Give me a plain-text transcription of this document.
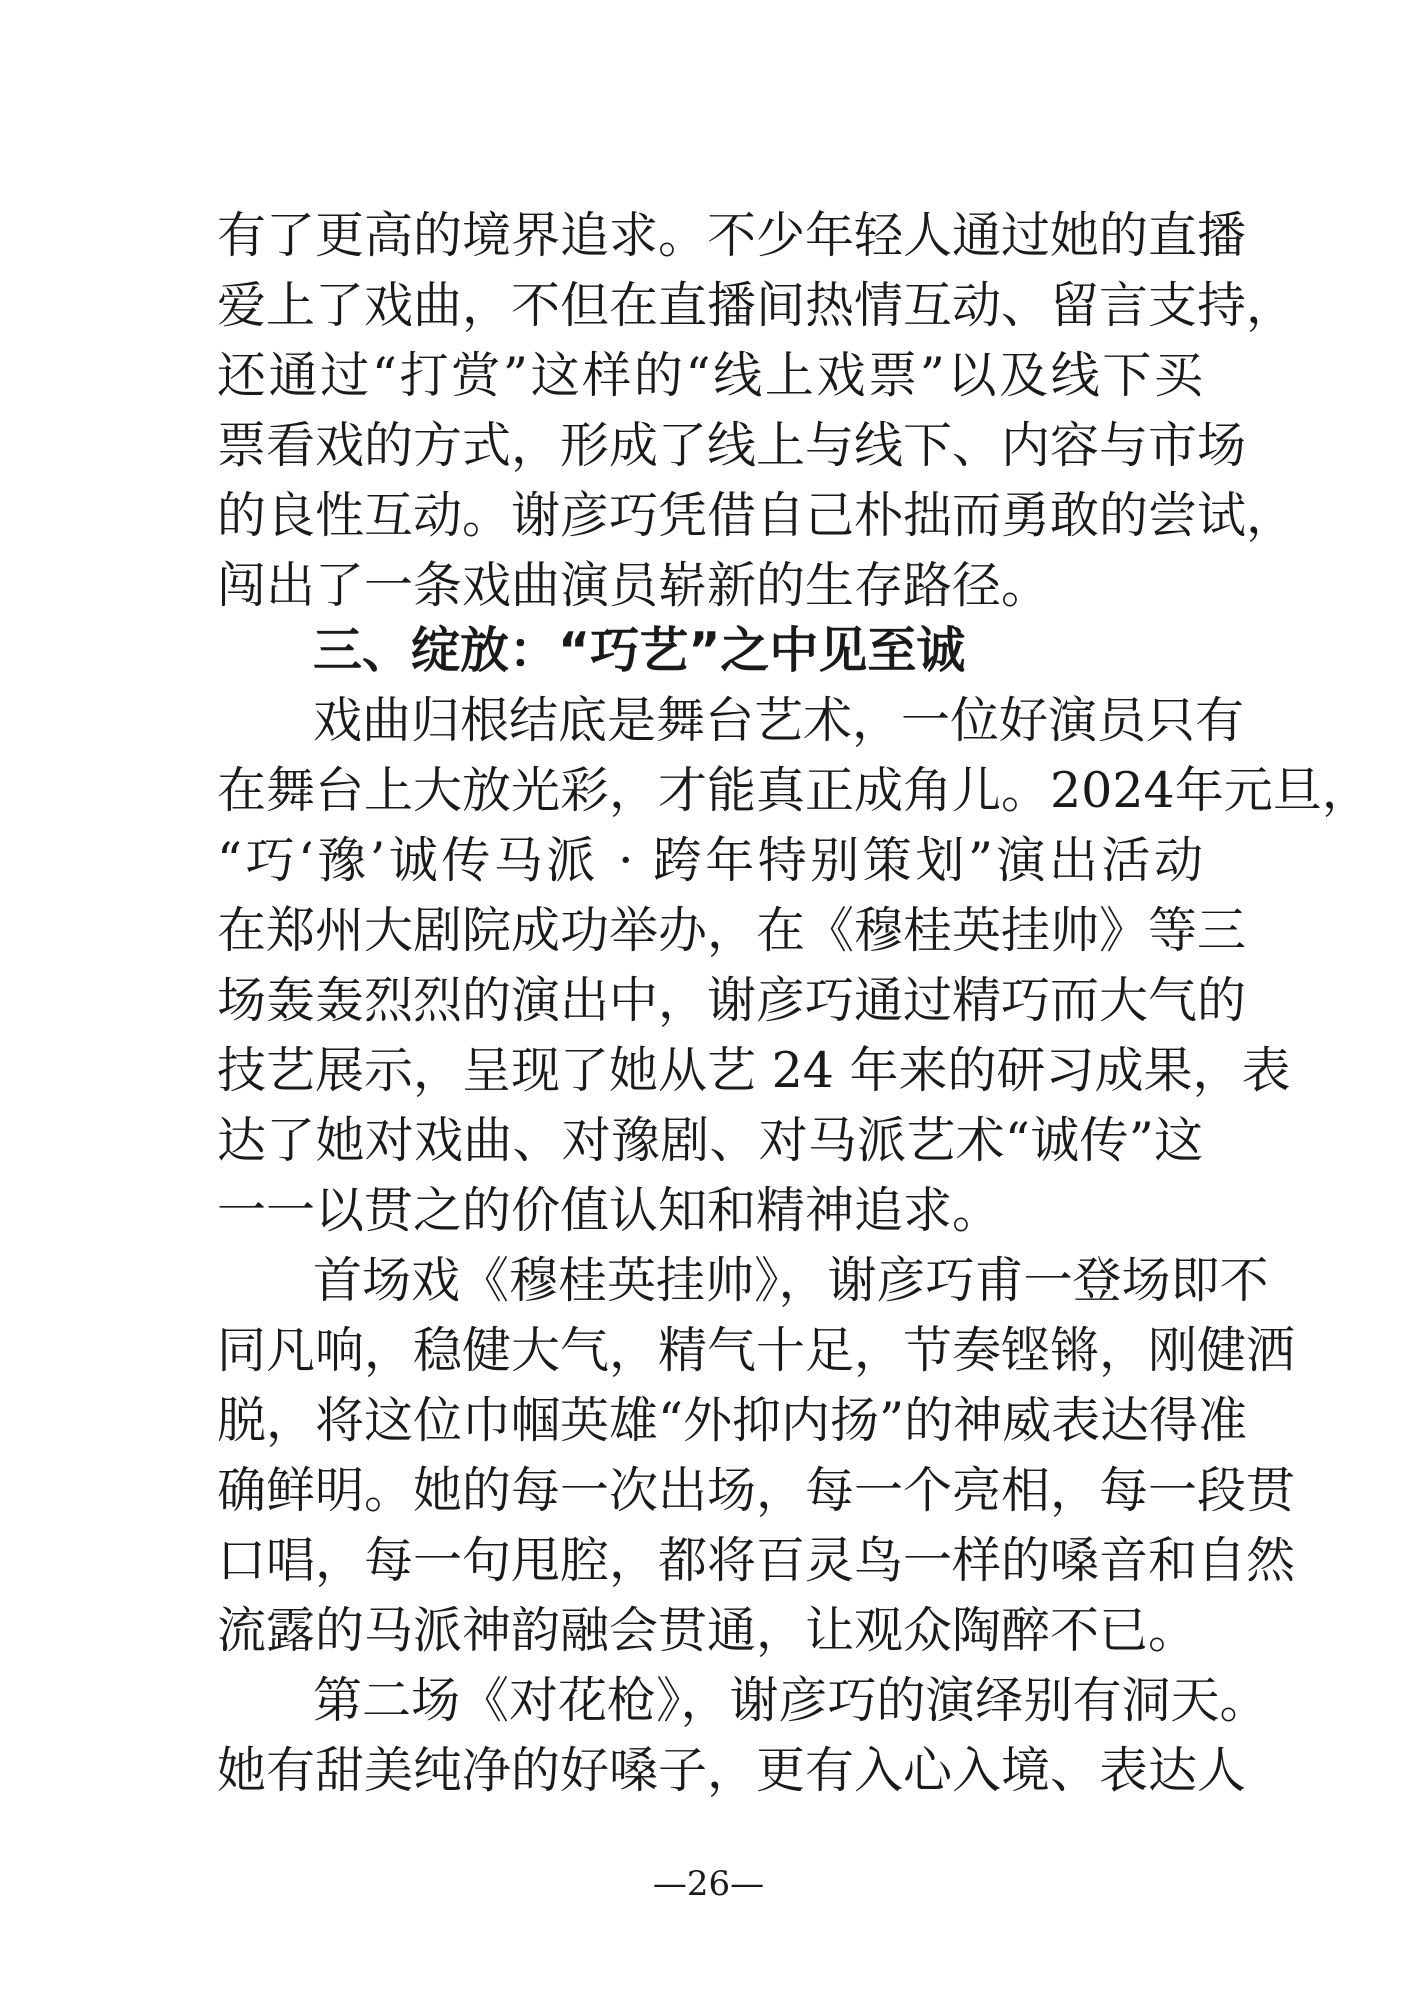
有了更高的境界追求。不少年轻人通过她的直播
爱上了戏曲，不但在直播间热情互动、留言支持，
还通过“打赏”这样的“线上戏票”以及线下买
票看戏的方式，形成了线上与线下、内容与市场
的良性互动。谢彦巧凭借自己朴拙而勇敢的尝试，
闯出了一条戏曲演员崭新的生存路径。
三、绽放：“巧艺”之中见至诚
戏曲归根结底是舞台艺术，一位好演员只有
在舞台上大放光彩，才能真正成角儿。2024年元旦，
“巧‘豫’诚传马派 · 跨年特别策划”演出活动
在郑州大剧院成功举办，在《穆桂英挂帅》等三
场轰轰烈烈的演出中，谢彦巧通过精巧而大气的
技艺展示，呈现了她从艺 24 年来的研习成果，表
达了她对戏曲、对豫剧、对马派艺术“诚传”这
一一以贯之的价值认知和精神追求。
首场戏《穆桂英挂帅》，谢彦巧甫一登场即不
同凡响，稳健大气，精气十足，节奏铿锵，刚健洒
脱，将这位巾帼英雄“外抑内扬”的神威表达得准
确鲜明。她的每一次出场，每一个亮相，每一段贯
口唱，每一句甩腔，都将百灵鸟一样的嗓音和自然
流露的马派神韵融会贯通，让观众陶醉不已。
第二场《对花枪》，谢彦巧的演绎别有洞天。
她有甜美纯净的好嗓子，更有入心入境、表达人
—26—
